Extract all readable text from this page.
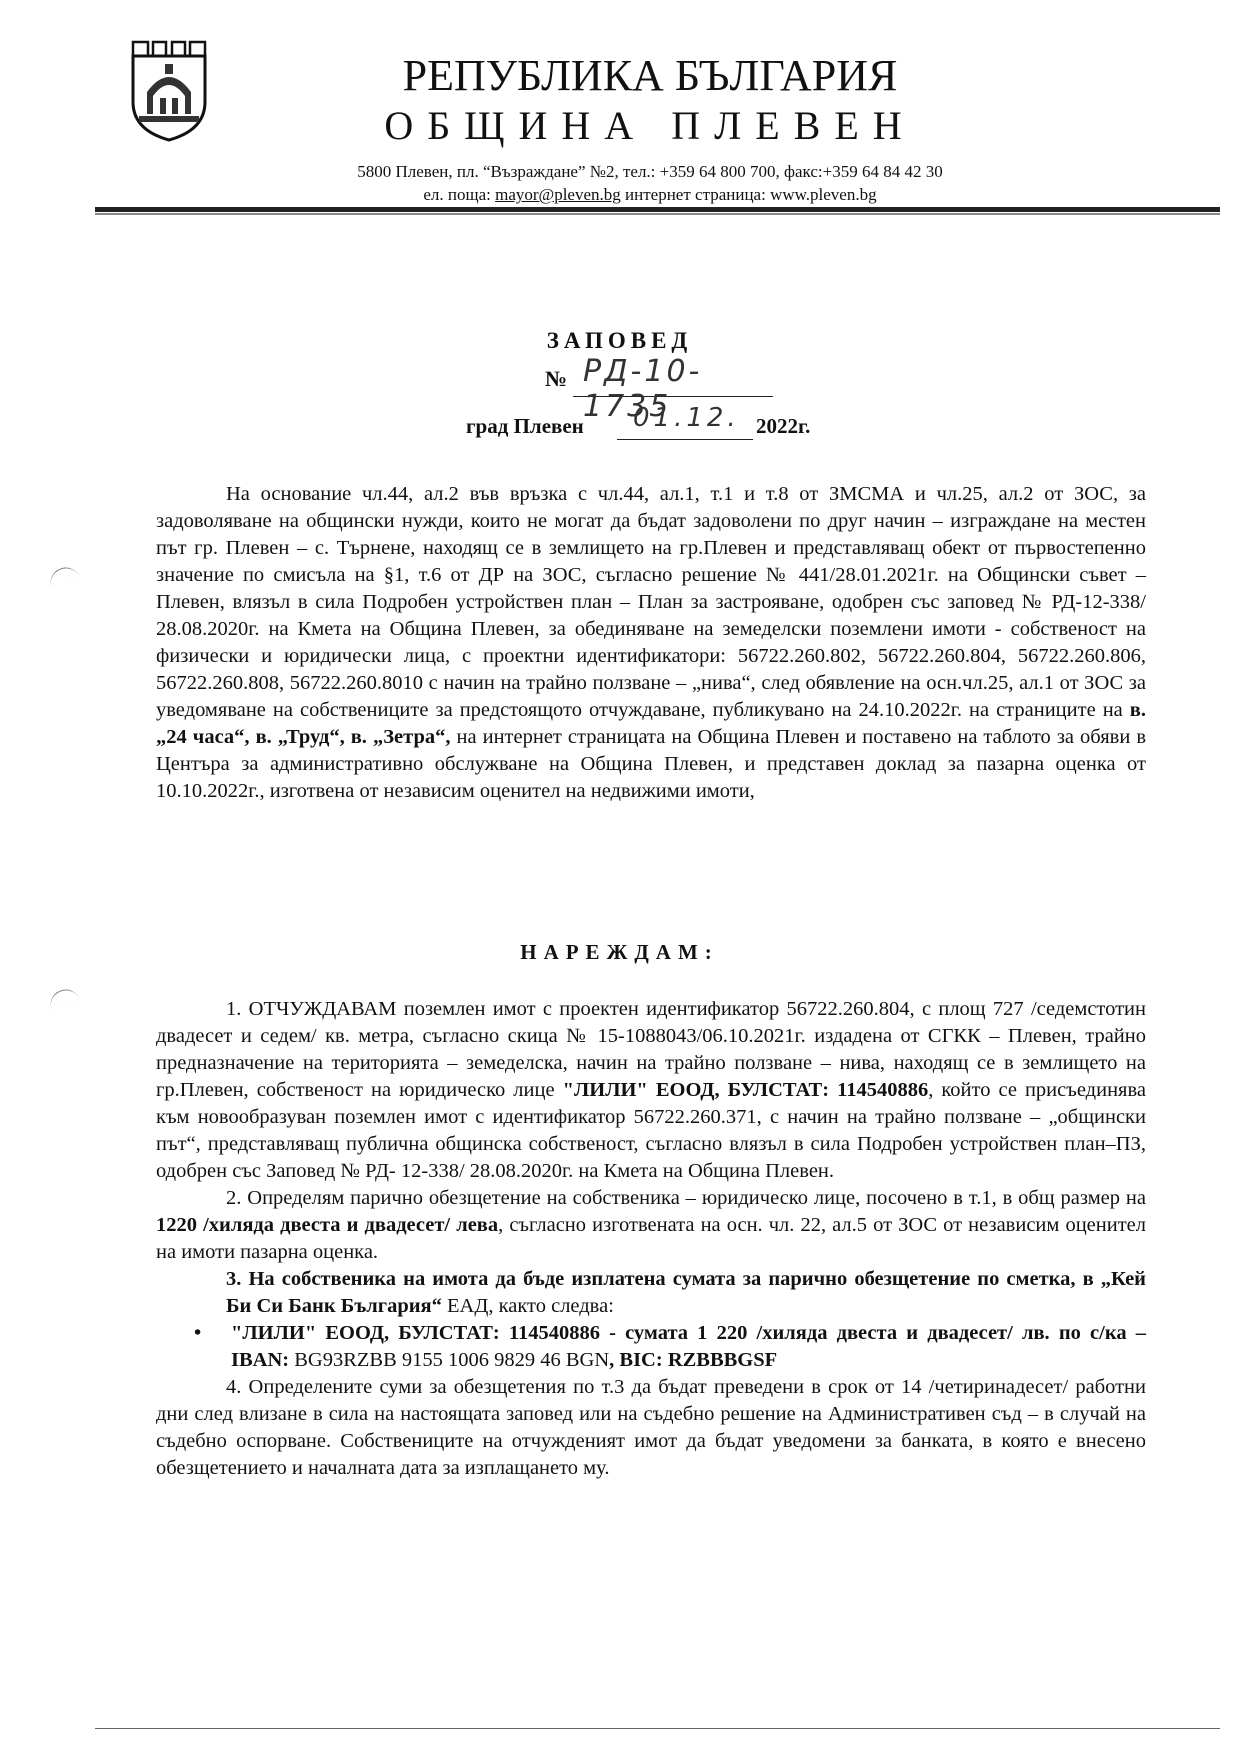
РЕПУБЛИКА БЪЛГАРИЯ
ОБЩИНА ПЛЕВЕН
5800 Плевен, пл. “Възраждане” №2, тел.: +359 64 800 700, факс:+359 64 84 42 30
ел. поща: mayor@pleven.bg интернет страница: www.pleven.bg
ЗАПОВЕД
№ РД-10-1735
град Плевен 01.12. 2022г.
На основание чл.44, ал.2 във връзка с чл.44, ал.1, т.1 и т.8 от ЗМСМА и чл.25, ал.2 от ЗОС, за задоволяване на общински нужди, които не могат да бъдат задоволени по друг начин – изграждане на местен път гр. Плевен – с. Търнене, находящ се в землището на гр.Плевен и представляващ обект от първостепенно значение по смисъла на §1, т.6 от ДР на ЗОС, съгласно решение № 441/28.01.2021г. на Общински съвет – Плевен, влязъл в сила Подробен устройствен план – План за застрояване, одобрен със заповед № РД-12-338/ 28.08.2020г. на Кмета на Община Плевен, за обединяване на земеделски поземлени имоти - собственост на физически и юридически лица, с проектни идентификатори: 56722.260.802, 56722.260.804, 56722.260.806, 56722.260.808, 56722.260.8010 с начин на трайно ползване – „нива“, след обявление на осн.чл.25, ал.1 от ЗОС за уведомяване на собствениците за предстоящото отчуждаване, публикувано на 24.10.2022г. на страниците на в. „24 часа“, в. „Труд“, в. „Зетра“, на интернет страницата на Община Плевен и поставено на таблото за обяви в Центъра за административно обслужване на Община Плевен, и представен доклад за пазарна оценка от 10.10.2022г., изготвена от независим оценител на недвижими имоти,
НАРЕЖДАМ:
1. ОТЧУЖДАВАМ поземлен имот с проектен идентификатор 56722.260.804, с площ 727 /седемстотин двадесет и седем/ кв. метра, съгласно скица № 15-1088043/06.10.2021г. издадена от СГКК – Плевен, трайно предназначение на територията – земеделска, начин на трайно ползване – нива, находящ се в землището на гр.Плевен, собственост на юридическо лице "ЛИЛИ" ЕООД, БУЛСТАТ: 114540886, който се присъединява към новообразуван поземлен имот с идентификатор 56722.260.371, с начин на трайно ползване – „общински път“, представляващ публична общинска собственост, съгласно влязъл в сила Подробен устройствен план–ПЗ, одобрен със Заповед № РД- 12-338/ 28.08.2020г. на Кмета на Община Плевен.
2. Определям парично обезщетение на собственика – юридическо лице, посочено в т.1, в общ размер на 1220 /хиляда двеста и двадесет/ лева, съгласно изготвената на осн. чл. 22, ал.5 от ЗОС от независим оценител на имоти пазарна оценка.
3. На собственика на имота да бъде изплатена сумата за парично обезщетение по сметка, в „Кей Би Си Банк България“ ЕАД, както следва:
• "ЛИЛИ" ЕООД, БУЛСТАТ: 114540886 - сумата 1 220 /хиляда двеста и двадесет/ лв. по с/ка – IBAN: BG93RZBB 9155 1006 9829 46 BGN, BIC: RZBBBGSF
4. Определените суми за обезщетения по т.3 да бъдат преведени в срок от 14 /четиринадесет/ работни дни след влизане в сила на настоящата заповед или на съдебно решение на Административен съд – в случай на съдебно оспорване. Собствениците на отчужденият имот да бъдат уведомени за банката, в която е внесено обезщетението и началната дата за изплащането му.
